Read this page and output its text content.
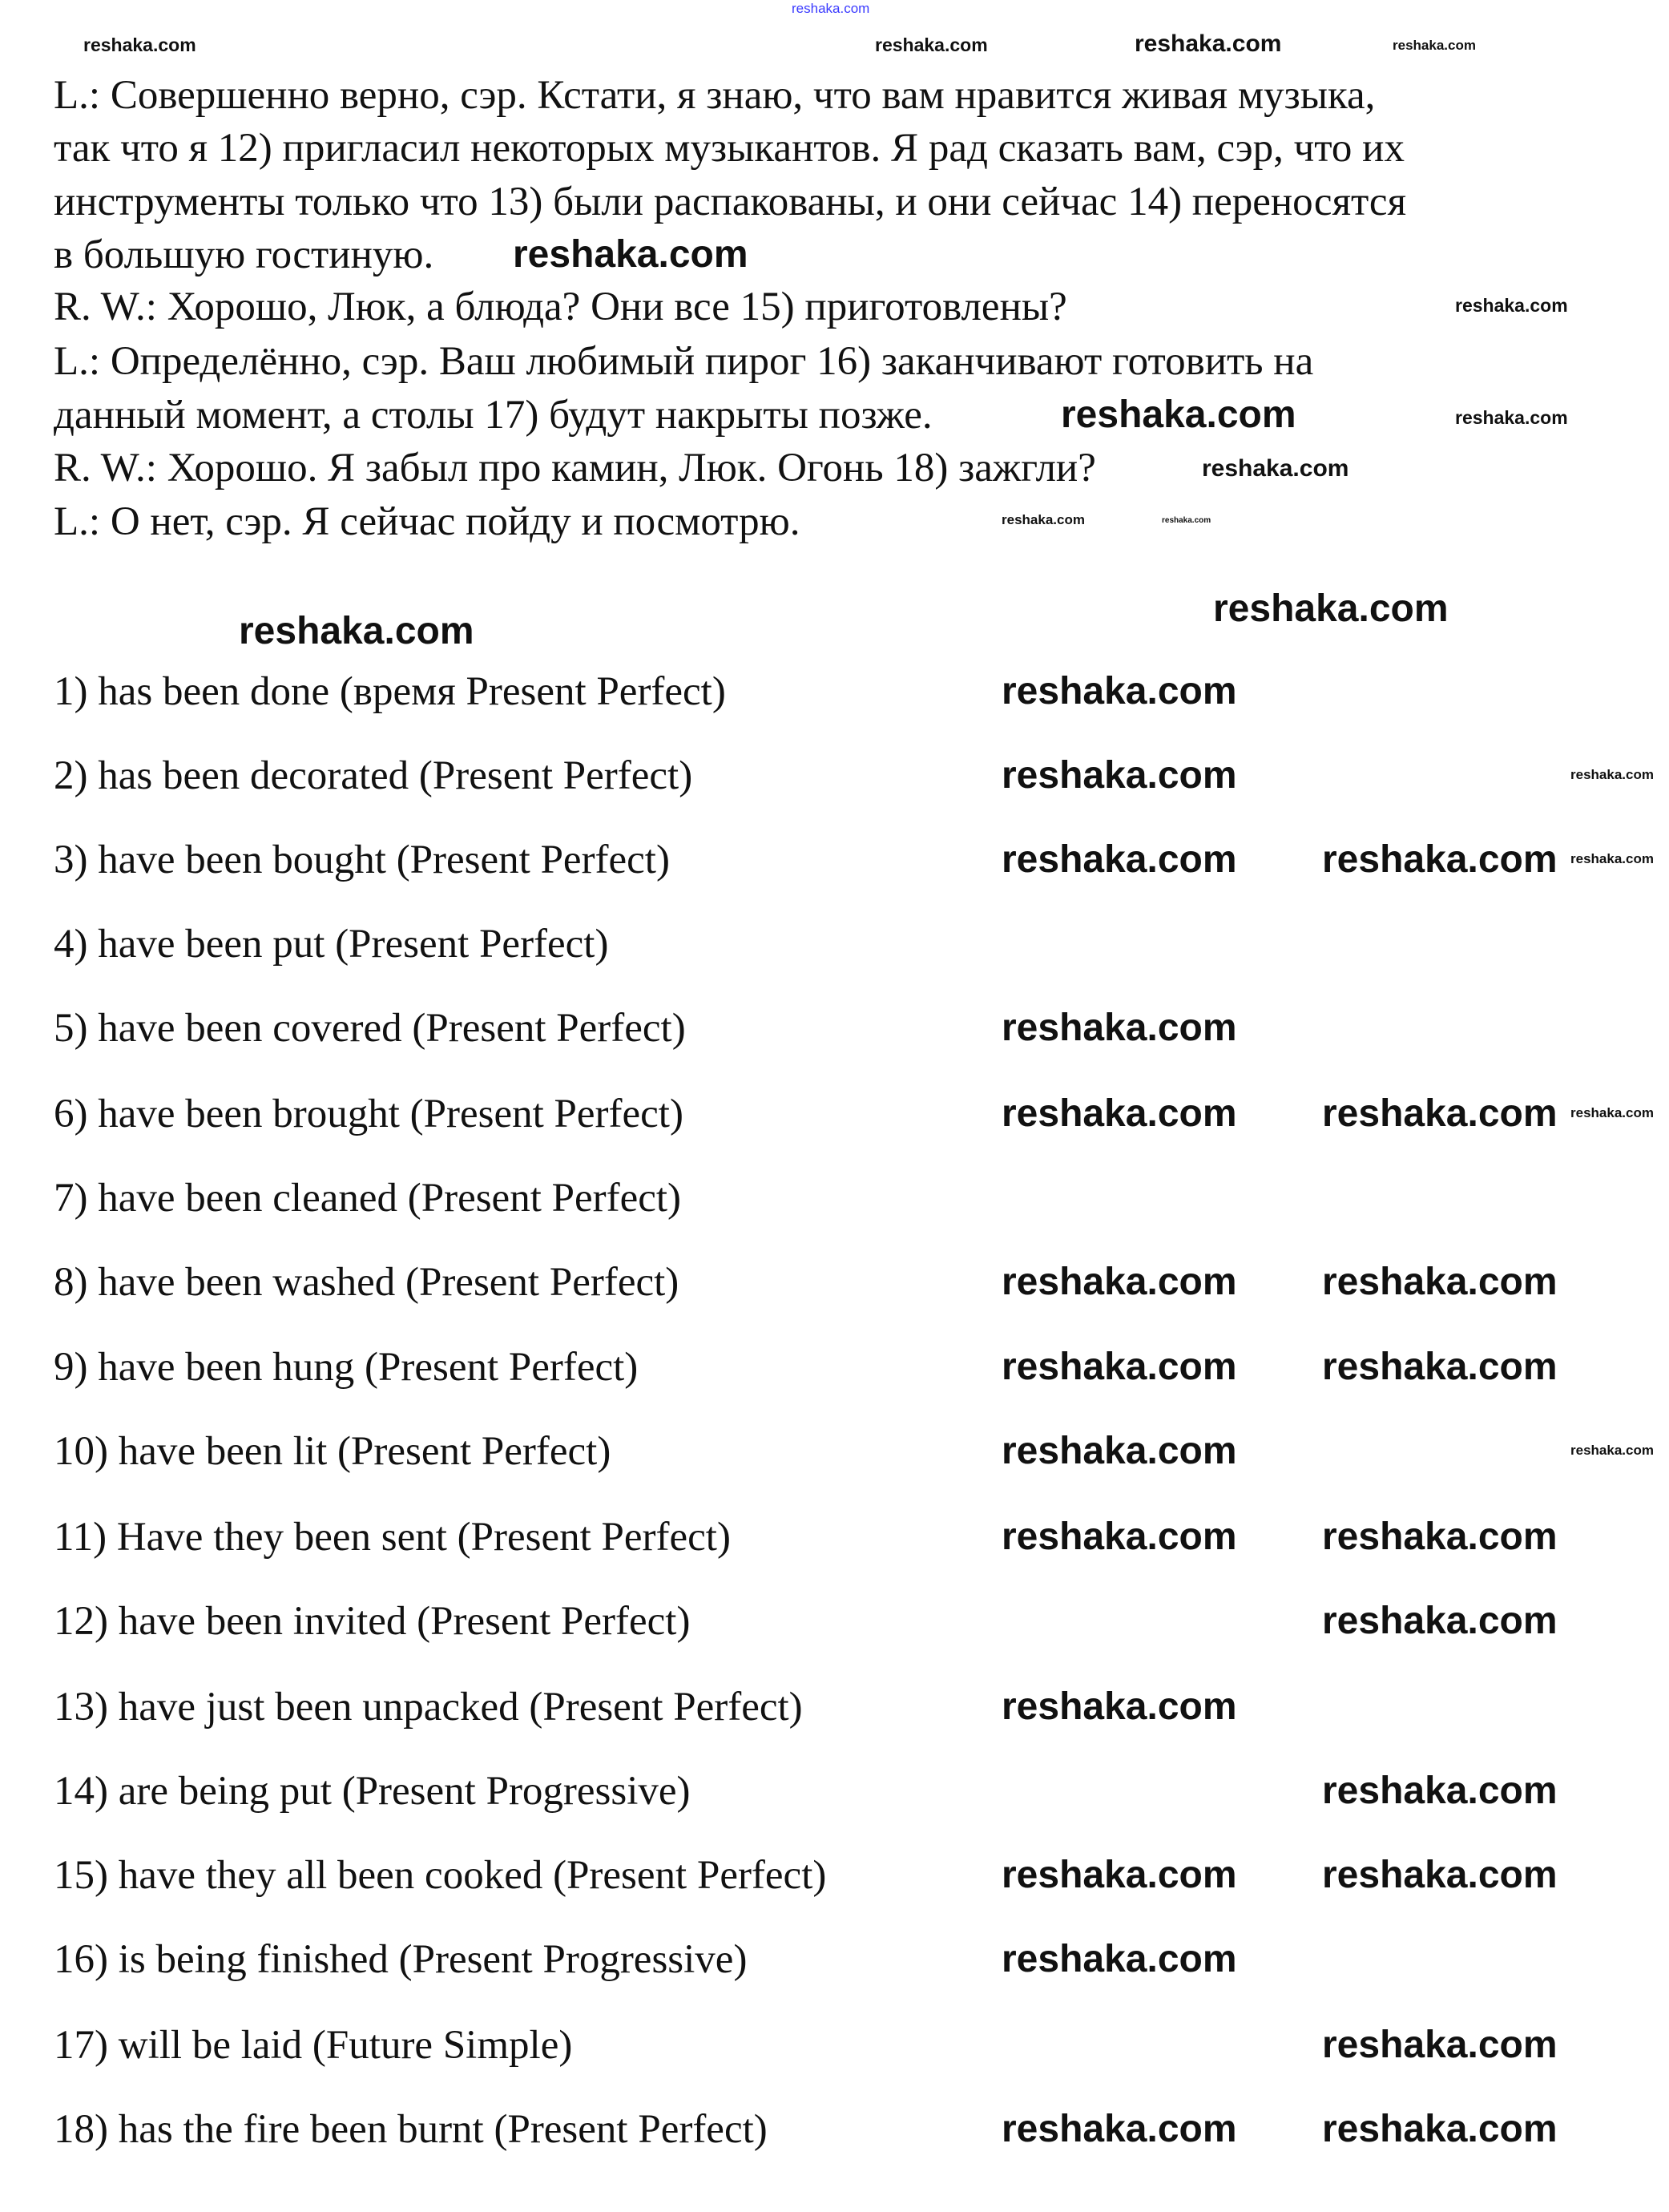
L.: Совершенно верно, сэр. Кстати, я знаю, что вам нравится живая музыка,
так что я 12) пригласил некоторых музыкантов. Я рад сказать вам, сэр, что их
инструменты только что 13) были распакованы, и они сейчас 14) переносятся
в большую гостиную.
R. W.: Хорошо, Люк, а блюда? Они все 15) приготовлены?
L.: Определённо, сэр. Ваш любимый пирог 16) заканчивают готовить на
данный момент, а столы 17) будут накрыты позже.
R. W.: Хорошо. Я забыл про камин, Люк. Огонь 18) зажгли?
L.: О нет, сэр. Я сейчас пойду и посмотрю.
1) has been done (время Present Perfect)
2) has been decorated (Present Perfect)
3) have been bought (Present Perfect)
4) have been put (Present Perfect)
5) have been covered (Present Perfect)
6) have been brought (Present Perfect)
7) have been cleaned (Present Perfect)
8) have been washed (Present Perfect)
9) have been hung (Present Perfect)
10) have been lit (Present Perfect)
11) Have they been sent (Present Perfect)
12) have been invited (Present Perfect)
13) have just been unpacked (Present Perfect)
14) are being put (Present Progressive)
15) have they all been cooked (Present Perfect)
16) is being finished (Present Progressive)
17) will be laid (Future Simple)
18) has the fire been burnt (Present Perfect)
reshaka.com
reshaka.com
reshaka.com	reshaka.com	reshaka.com
reshaka.com
reshaka.com
reshaka.com	reshaka.com
reshaka.com
reshaka.com	reshaka.com
reshaka.com
reshaka.com
reshaka.com
reshaka.com	reshaka.com
reshaka.com reshaka.com reshaka.com
reshaka.com
reshaka.com reshaka.com reshaka.com
reshaka.com reshaka.com
reshaka.com reshaka.com
reshaka.com	reshaka.com
reshaka.com reshaka.com
reshaka.com
reshaka.com
reshaka.com
reshaka.com reshaka.com
reshaka.com
reshaka.com
reshaka.com reshaka.com
